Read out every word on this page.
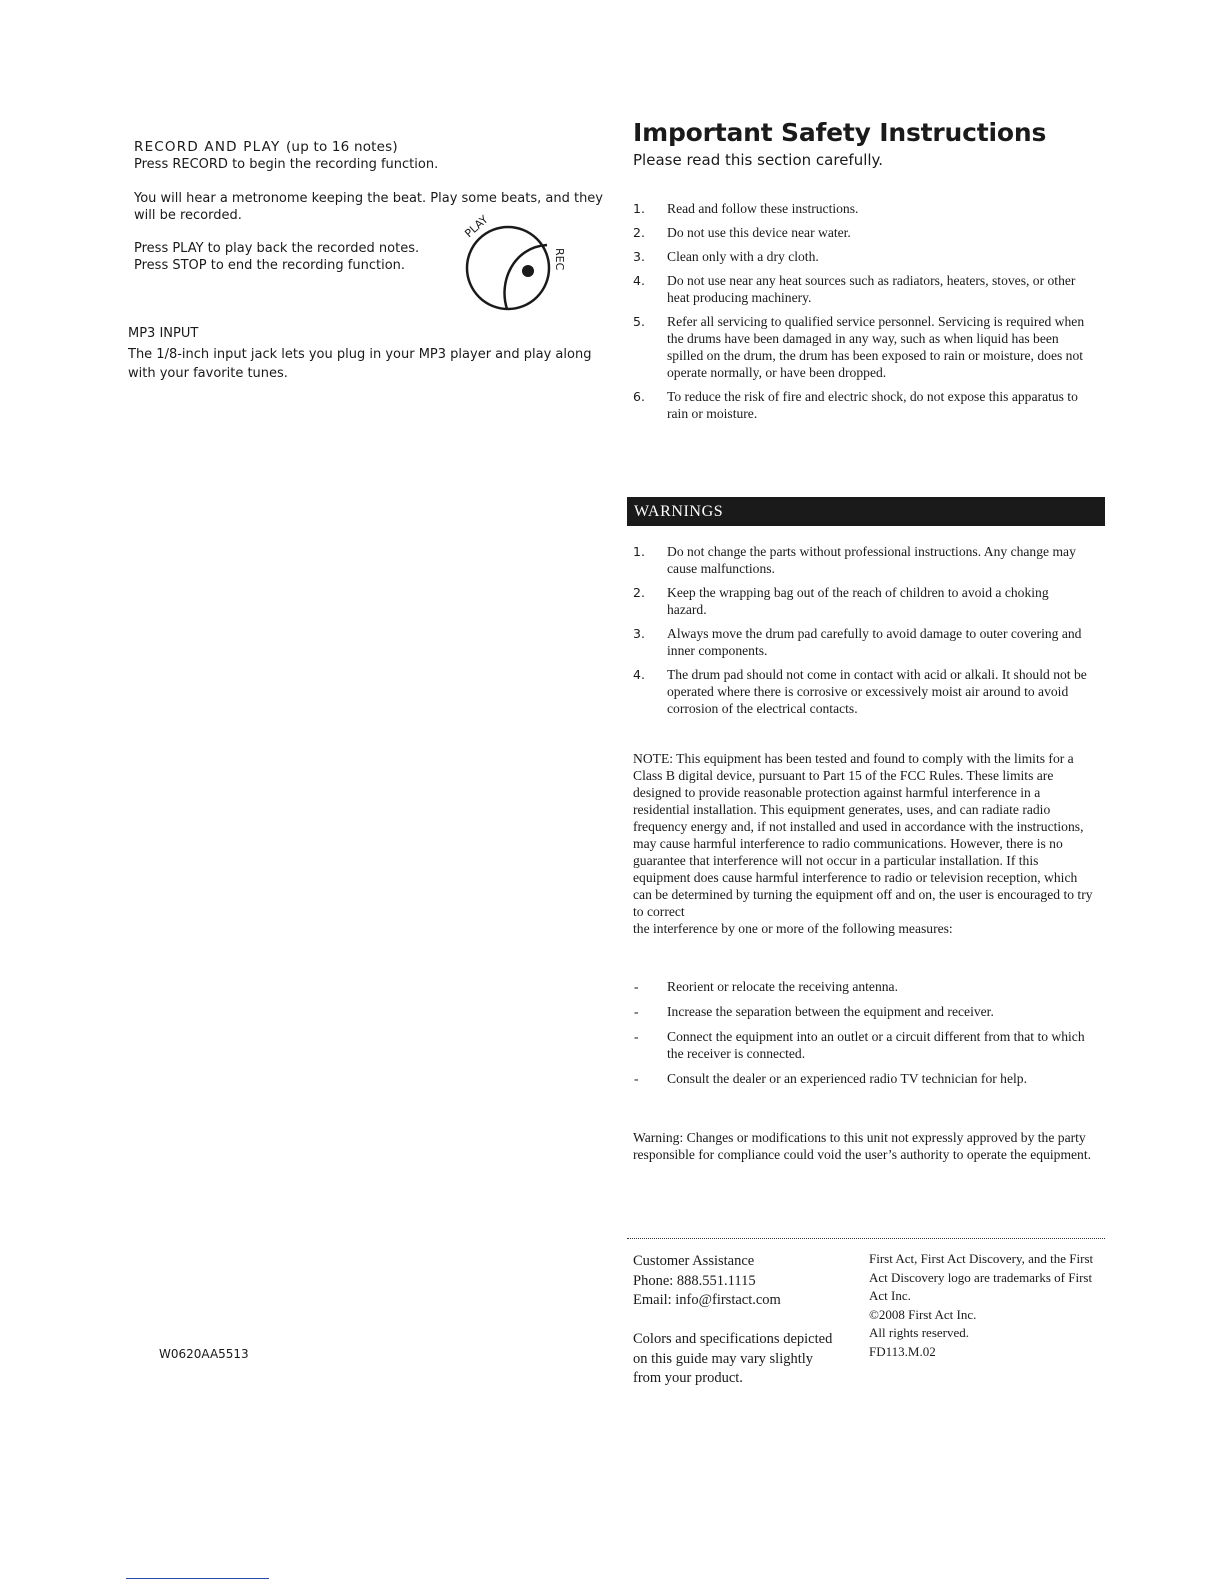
RECORD AND PLAY (up to 16 notes)
Press RECORD to begin the recording function.
You will hear a metronome keeping the beat. Play some beats, and they
will be recorded.
Press PLAY to play back the recorded notes.
Press STOP to end the recording function.
PLAY
REC
MP3 INPUT
The 1/8-inch input jack lets you plug in your MP3 player and play along with your favorite tunes.
W0620AA5513
Important Safety Instructions
Please read this section carefully.
1. Read and follow these instructions.
2. Do not use this device near water.
3. Clean only with a dry cloth.
4. Do not use near any heat sources such as radiators, heaters, stoves, or other heat producing machinery.
5. Refer all servicing to qualified service personnel. Servicing is required when the drums have been damaged in any way, such as when liquid has been spilled on the drum, the drum has been exposed to rain or moisture, does not operate normally, or have been dropped.
6. To reduce the risk of fire and electric shock, do not expose this apparatus to rain or moisture.
WARNINGS
1. Do not change the parts without professional instructions. Any change may cause malfunctions.
2. Keep the wrapping bag out of the reach of children to avoid a choking hazard.
3. Always move the drum pad carefully to avoid damage to outer covering and inner components.
4. The drum pad should not come in contact with acid or alkali. It should not be operated where there is corrosive or excessively moist air around to avoid corrosion of the electrical contacts.
NOTE: This equipment has been tested and found to comply with the limits for a Class B digital device, pursuant to Part 15 of the FCC Rules. These limits are designed to provide reasonable protection against harmful interference in a residential installation. This equipment generates, uses, and can radiate radio frequency energy and, if not installed and used in accordance with the instructions, may cause harmful interference to radio communications. However, there is no guarantee that interference will not occur in a particular installation. If this equipment does cause harmful interference to radio or television reception, which can be determined by turning the equipment off and on, the user is encouraged to try to correct
the interference by one or more of the following measures:
- Reorient or relocate the receiving antenna.
- Increase the separation between the equipment and receiver.
- Connect the equipment into an outlet or a circuit different from that to which the receiver is connected.
- Consult the dealer or an experienced radio TV technician for help.
Warning: Changes or modifications to this unit not expressly approved by the party responsible for compliance could void the user’s authority to operate the equipment.
Customer Assistance
Phone: 888.551.1115
Email: info@firstact.com
Colors and specifications depicted on this guide may vary slightly from your product.
First Act, First Act Discovery, and the First Act Discovery logo are trademarks of First Act Inc.
©2008 First Act Inc.
All rights reserved.
FD113.M.02
